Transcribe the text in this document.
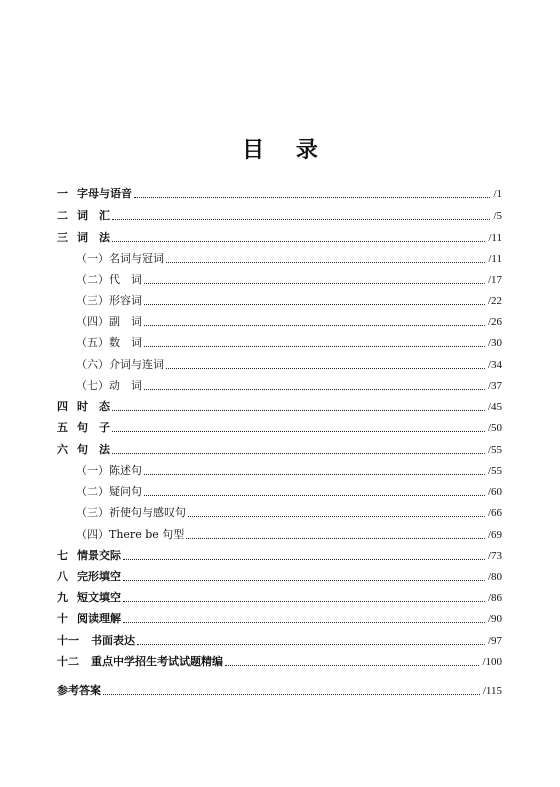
目 录
一 字母与语音	/1
二 词　汇	/5
三 词　法	/11
（一）名词与冠词	/11
（二）代　词	/17
（三）形容词	/22
（四）副　词	/26
（五）数　词	/30
（六）介词与连词	/34
（七）动　词	/37
四 时　态	/45
五 句　子	/50
六 句　法	/55
（一）陈述句	/55
（二）疑问句	/60
（三）祈使句与感叹句	/66
（四）There be 句型	/69
七 情景交际	/73
八 完形填空	/80
九 短文填空	/86
十 阅读理解	/90
十一 书面表达	/97
十二 重点中学招生考试试题精编	/100
参考答案	/115
